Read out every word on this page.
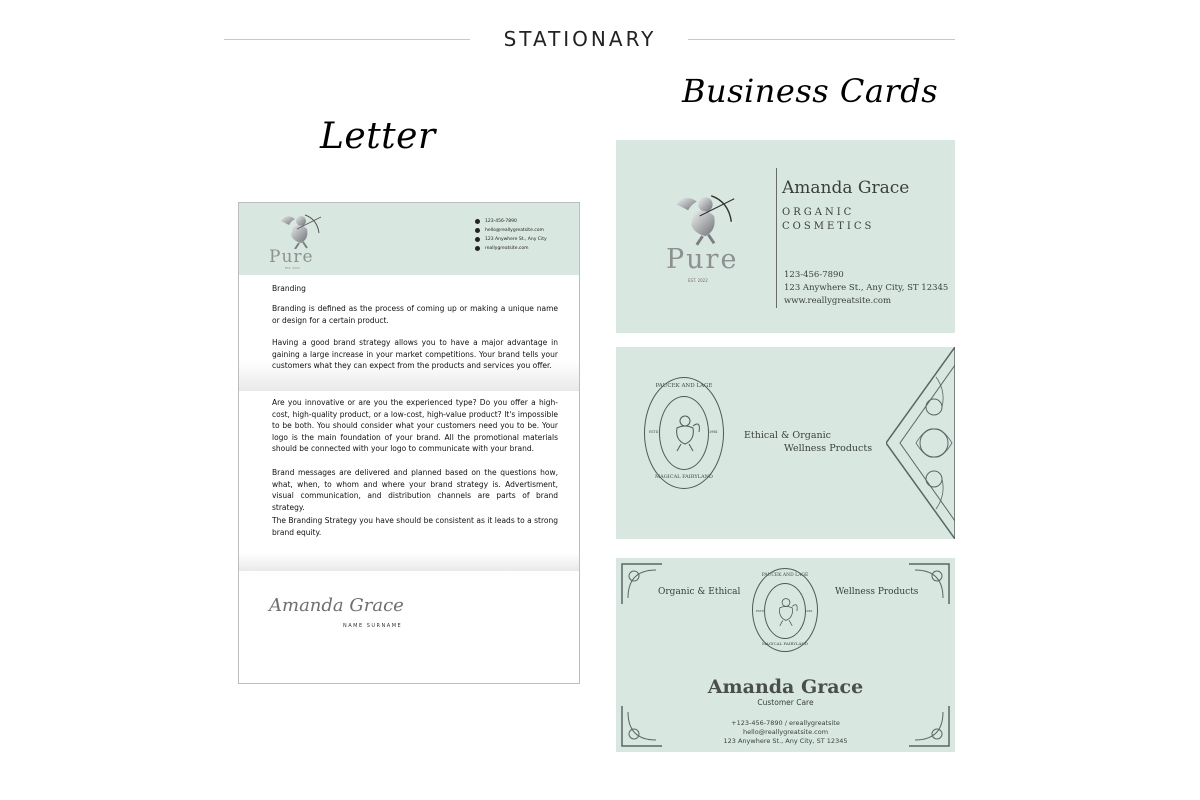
STATIONARY
Business Cards
Letter
Pure
EST. 2022
123-456-7890
hello@reallygreatsite.com
123 Anywhere St., Any City
reallygreatsite.com
Branding
Branding is defined as the process of coming up or making a unique name or design for a certain product.
Having a good brand strategy allows you to have a major advantage in gaining a large increase in your market competitions. Your brand tells your customers what they can expect from the products and services you offer.
Are you innovative or are you the experienced type? Do you offer a high-cost, high-quality product, or a low-cost, high-value product? It's impossible to be both. You should consider what your customers need you to be. Your logo is the main foundation of your brand. All the promotional materials should be connected with your logo to communicate with your brand.
Brand messages are delivered and planned based on the questions how, what, when, to whom and where your brand strategy is. Advertisment, visual communication, and distribution channels are parts of brand strategy.
The Branding Strategy you have should be consistent as it leads to a strong brand equity.
Amanda Grace
NAME SURNAME
Pure
EST. 2022
Amanda Grace
ORGANIC
COSMETICS
123-456-7890
123 Anywhere St., Any City, ST 12345
www.reallygreatsite.com
PAUCEK AND LAGE
MAGICAL FAIRYLAND
ESTD	1961	Ethical & Organic
Wellness Products
Organic & Ethical	Wellness Products
PAUCEK AND LAGE
MAGICAL FAIRYLAND
ESTD	1961
Amanda Grace
Customer Care
+123-456-7890 / ereallygreatsite
hello@reallygreatsite.com
123 Anywhere St., Any City, ST 12345
